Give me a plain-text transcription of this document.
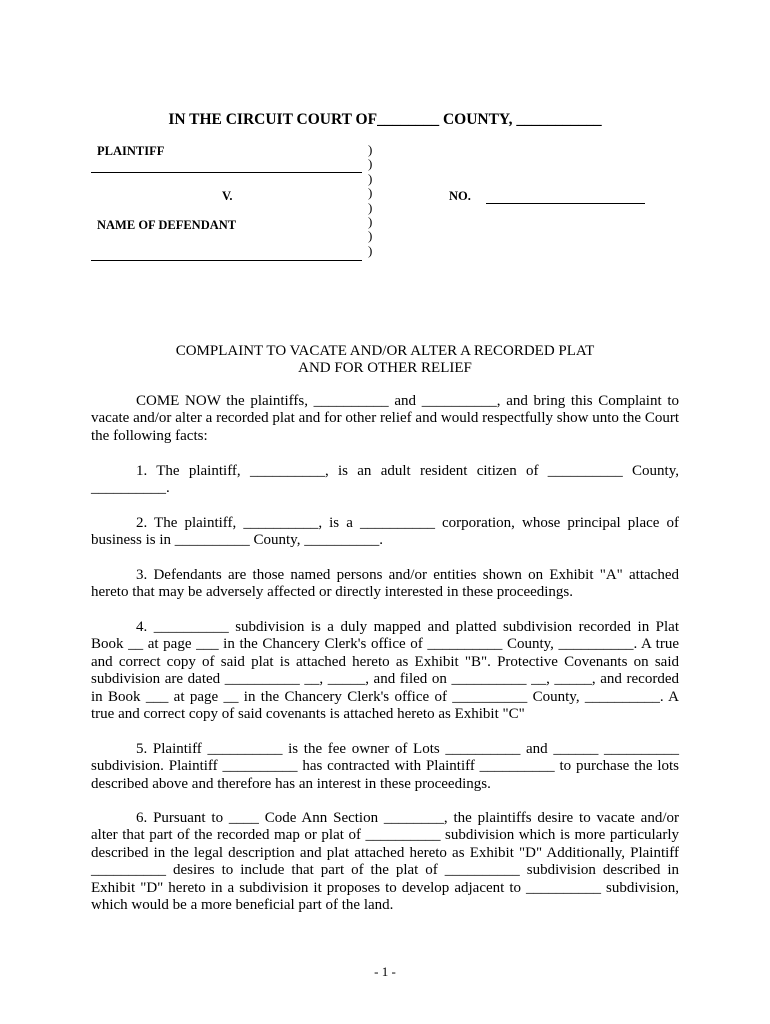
IN THE CIRCUIT COURT OF________ COUNTY, ___________
PLAINTIFF
V.
NAME OF DEFENDANT
)
)
)
)
)
)
)
)
NO.
COMPLAINT TO VACATE AND/OR ALTER A RECORDED PLAT
AND FOR OTHER RELIEF

COME NOW the plaintiffs, __________ and __________, and bring this Complaint to vacate and/or alter a recorded plat and for other relief and would respectfully show unto the Court the following facts:

1. The plaintiff, __________, is an adult resident citizen of __________ County, __________.

2. The plaintiff, __________, is a __________ corporation, whose principal place of business is in __________ County, __________.

3. Defendants are those named persons and/or entities shown on Exhibit "A" attached hereto that may be adversely affected or directly interested in these proceedings.

4. __________ subdivision is a duly mapped and platted subdivision recorded in Plat Book __ at page ___ in the Chancery Clerk's office of __________ County, __________. A true and correct copy of said plat is attached hereto as Exhibit "B". Protective Covenants on said subdivision are dated __________ __, _____, and filed on __________ __, _____, and recorded in Book ___ at page __ in the Chancery Clerk's office of __________ County, __________. A true and correct copy of said covenants is attached hereto as Exhibit "C"

5. Plaintiff __________ is the fee owner of Lots __________ and ______ __________ subdivision. Plaintiff __________ has contracted with Plaintiff __________ to purchase the lots described above and therefore has an interest in these proceedings.

6. Pursuant to ____ Code Ann Section ________, the plaintiffs desire to vacate and/or alter that part of the recorded map or plat of __________ subdivision which is more particularly described in the legal description and plat attached hereto as Exhibit "D" Additionally, Plaintiff __________ desires to include that part of the plat of __________ subdivision described in Exhibit "D" hereto in a subdivision it proposes to develop adjacent to __________ subdivision, which would be a more beneficial part of the land.

- 1 -
